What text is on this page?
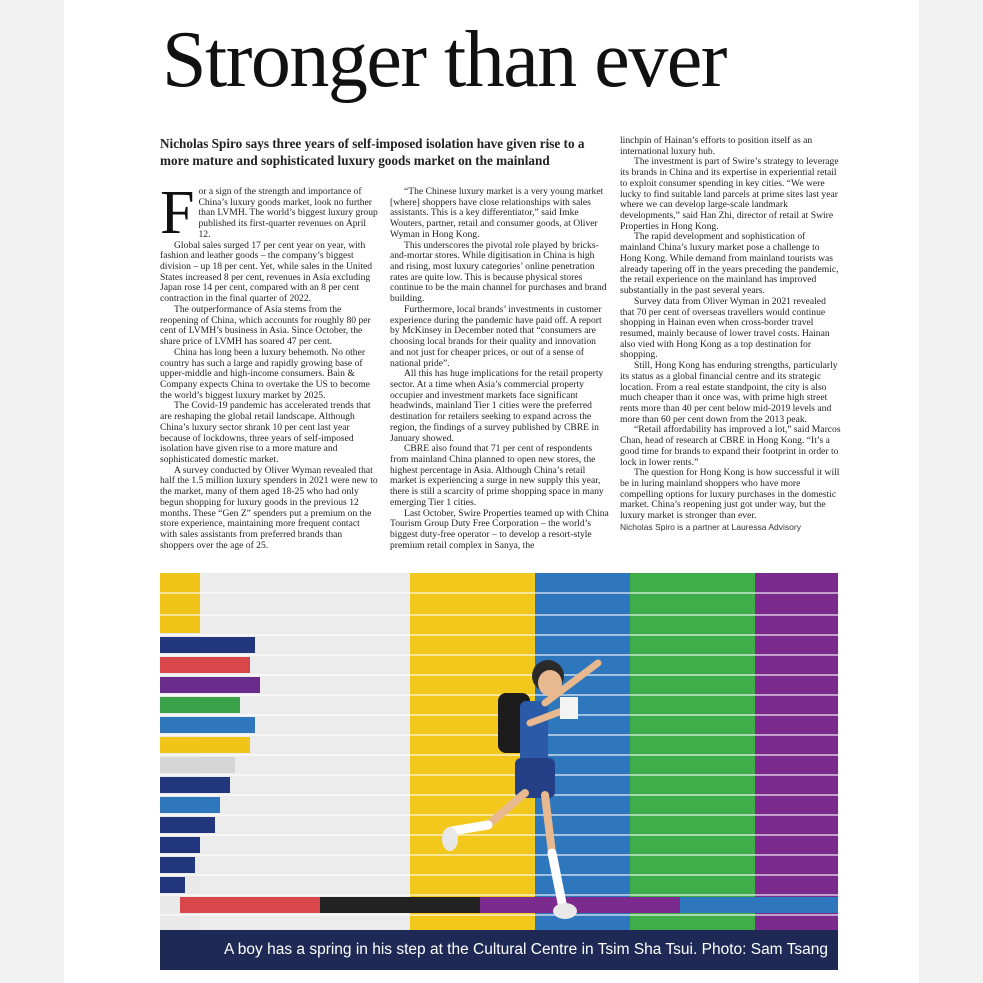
Stronger than ever
Nicholas Spiro says three years of self-imposed isolation have given rise to a more mature and sophisticated luxury goods market on the mainland
F or a sign of the strength and importance of China’s luxury goods market, look no further than LVMH. The world’s biggest luxury group published its first-quarter revenues on April 12.

Global sales surged 17 per cent year on year, with fashion and leather goods – the company’s biggest division – up 18 per cent. Yet, while sales in the United States increased 8 per cent, revenues in Asia excluding Japan rose 14 per cent, compared with an 8 per cent contraction in the final quarter of 2022.

The outperformance of Asia stems from the reopening of China, which accounts for roughly 80 per cent of LVMH’s business in Asia. Since October, the share price of LVMH has soared 47 per cent.

China has long been a luxury behemoth. No other country has such a large and rapidly growing base of upper-middle and high-income consumers. Bain & Company expects China to overtake the US to become the world’s biggest luxury market by 2025.

The Covid-19 pandemic has accelerated trends that are reshaping the global retail landscape. Although China’s luxury sector shrank 10 per cent last year because of lockdowns, three years of self-imposed isolation have given rise to a more mature and sophisticated domestic market.

A survey conducted by Oliver Wyman revealed that half the 1.5 million luxury spenders in 2021 were new to the market, many of them aged 18-25 who had only begun shopping for luxury goods in the previous 12 months. These “Gen Z” spenders put a premium on the store experience, maintaining more frequent contact with sales assistants from preferred brands than shoppers over the age of 25.

“The Chinese luxury market is a very young market [where] shoppers have close relationships with sales assistants. This is a key differentiator,” said Imke Wouters, partner, retail and consumer goods, at Oliver Wyman in Hong Kong.

This underscores the pivotal role played by bricks-and-mortar stores. While digitisation in China is high and rising, most luxury categories’ online penetration rates are quite low. This is because physical stores continue to be the main channel for purchases and brand building.

Furthermore, local brands’ investments in customer experience during the pandemic have paid off. A report by McKinsey in December noted that “consumers are choosing local brands for their quality and innovation and not just for cheaper prices, or out of a sense of national pride”.

All this has huge implications for the retail property sector. At a time when Asia’s commercial property occupier and investment markets face significant headwinds, mainland Tier 1 cities were the preferred destination for retailers seeking to expand across the region, the findings of a survey published by CBRE in January showed.

CBRE also found that 71 per cent of respondents from mainland China planned to open new stores, the highest percentage in Asia. Although China’s retail market is experiencing a surge in new supply this year, there is still a scarcity of prime shopping space in many emerging Tier 1 cities.

Last October, Swire Properties teamed up with China Tourism Group Duty Free Corporation – the world’s biggest duty-free operator – to develop a resort-style premium retail complex in Sanya, the

linchpin of Hainan’s efforts to position itself as an international luxury hub.

The investment is part of Swire’s strategy to leverage its brands in China and its expertise in experiential retail to exploit consumer spending in key cities. “We were lucky to find suitable land parcels at prime sites last year where we can develop large-scale landmark developments,” said Han Zhi, director of retail at Swire Properties in Hong Kong.

The rapid development and sophistication of mainland China’s luxury market pose a challenge to Hong Kong. While demand from mainland tourists was already tapering off in the years preceding the pandemic, the retail experience on the mainland has improved substantially in the past several years.

Survey data from Oliver Wyman in 2021 revealed that 70 per cent of overseas travellers would continue shopping in Hainan even when cross-border travel resumed, mainly because of lower travel costs. Hainan also vied with Hong Kong as a top destination for shopping.

Still, Hong Kong has enduring strengths, particularly its status as a global financial centre and its strategic location. From a real estate standpoint, the city is also much cheaper than it once was, with prime high street rents more than 40 per cent below mid-2019 levels and more than 60 per cent down from the 2013 peak.

“Retail affordability has improved a lot,” said Marcos Chan, head of research at CBRE in Hong Kong. “It’s a good time for brands to expand their footprint in order to lock in lower rents.”

The question for Hong Kong is how successful it will be in luring mainland shoppers who have more compelling options for luxury purchases in the domestic market. China’s reopening just got under way, but the luxury market is stronger than ever.

Nicholas Spiro is a partner at Lauressa Advisory

A boy has a spring in his step at the Cultural Centre in Tsim Sha Tsui. Photo: Sam Tsang
